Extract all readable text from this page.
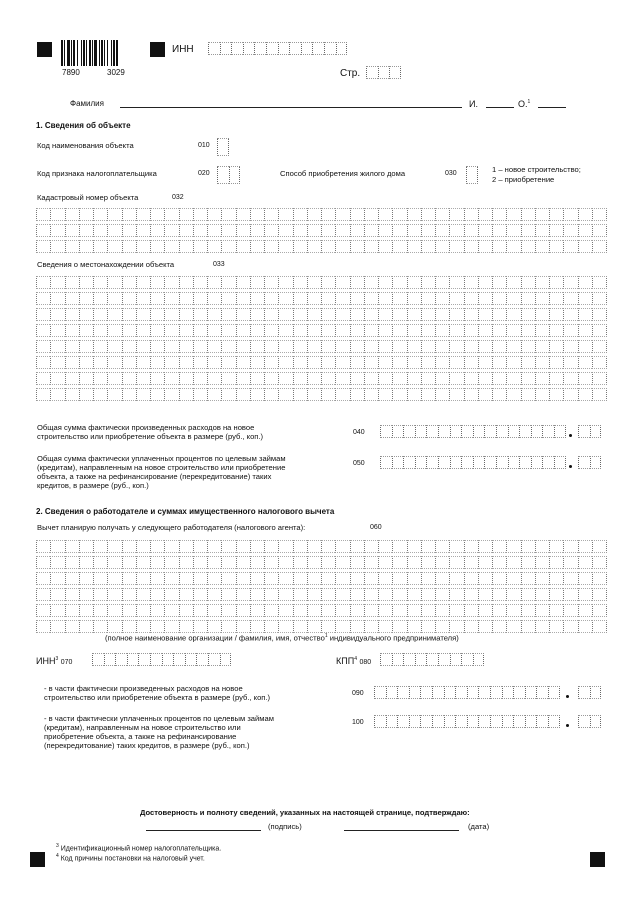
7890	3029
ИНН
Стр.
Фамилия	И.	О.$^1$
1. Сведения об объекте
Код наименования объекта	010
Код признака налогоплательщика	020	Способ приобретения жилого дома	030	1 – новое строительство;
2 – приобретение
Кадастровый номер объекта	032
Сведения о местонахождении объекта	033
Общая сумма фактически произведенных расходов на новое
строительство или приобретение объекта в размере (руб., коп.)	040
Общая сумма фактически уплаченных процентов по целевым займам
(кредитам), направленным на новое строительство или приобретение
объекта, а также на рефинансирование (перекредитование) таких
кредитов, в размере (руб., коп.)
050
2. Сведения о работодателе и суммах имущественного налогового вычета
Вычет планирую получать у следующего работодателя (налогового агента):	060
(полное наименование организации / фамилия, имя, отчество$^1$ индивидуального предпринимателя)
ИНН$^3$ 070	КПП$^4$ 080
- в части фактически произведенных расходов на новое
строительство или приобретение объекта в размере (руб., коп.)	090
- в части фактически уплаченных процентов по целевым займам
(кредитам), направленным на новое строительство или
приобретение объекта, а также на рефинансирование
(перекредитование) таких кредитов, в размере (руб., коп.)
100
Достоверность и полноту сведений, указанных на настоящей странице, подтверждаю:
(подпись)	(дата)
$^3$ Идентификационный номер налогоплательщика.
$^4$ Код причины постановки на налоговый учет.
